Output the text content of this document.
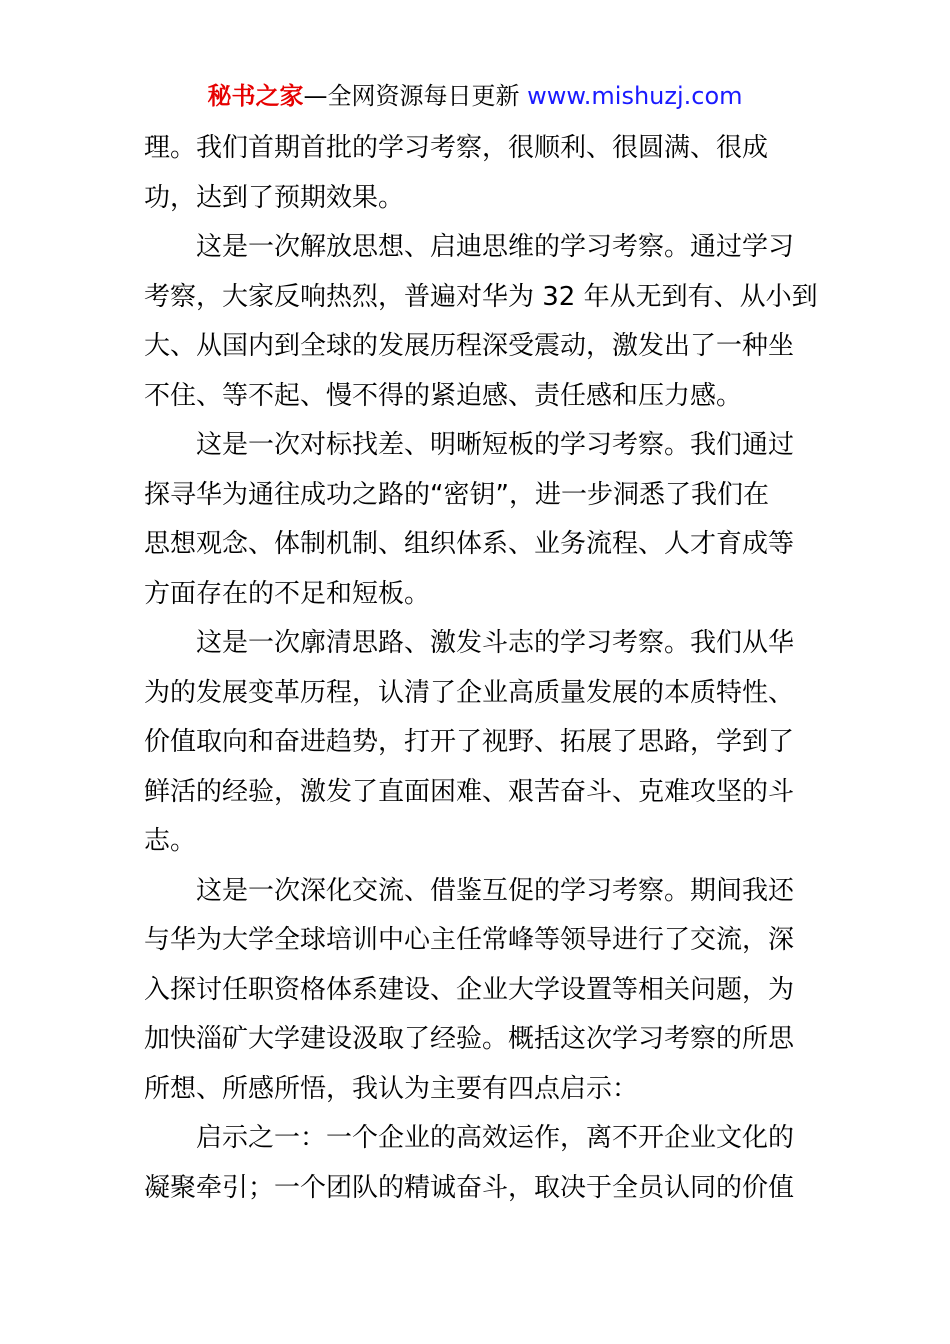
秘书之家—全网资源每日更新 www.mishuzj.com
理。我们首期首批的学习考察，很顺利、很圆满、很成
功，达到了预期效果。
这是一次解放思想、启迪思维的学习考察。通过学习
考察，大家反响热烈，普遍对华为 32 年从无到有、从小到
大、从国内到全球的发展历程深受震动，激发出了一种坐
不住、等不起、慢不得的紧迫感、责任感和压力感。
这是一次对标找差、明晰短板的学习考察。我们通过
探寻华为通往成功之路的“密钥”，进一步洞悉了我们在
思想观念、体制机制、组织体系、业务流程、人才育成等
方面存在的不足和短板。
这是一次廓清思路、激发斗志的学习考察。我们从华
为的发展变革历程，认清了企业高质量发展的本质特性、
价值取向和奋进趋势，打开了视野、拓展了思路，学到了
鲜活的经验，激发了直面困难、艰苦奋斗、克难攻坚的斗
志。
这是一次深化交流、借鉴互促的学习考察。期间我还
与华为大学全球培训中心主任常峰等领导进行了交流，深
入探讨任职资格体系建设、企业大学设置等相关问题，为
加快淄矿大学建设汲取了经验。概括这次学习考察的所思
所想、所感所悟，我认为主要有四点启示：
启示之一：一个企业的高效运作，离不开企业文化的
凝聚牵引；一个团队的精诚奋斗，取决于全员认同的价值
